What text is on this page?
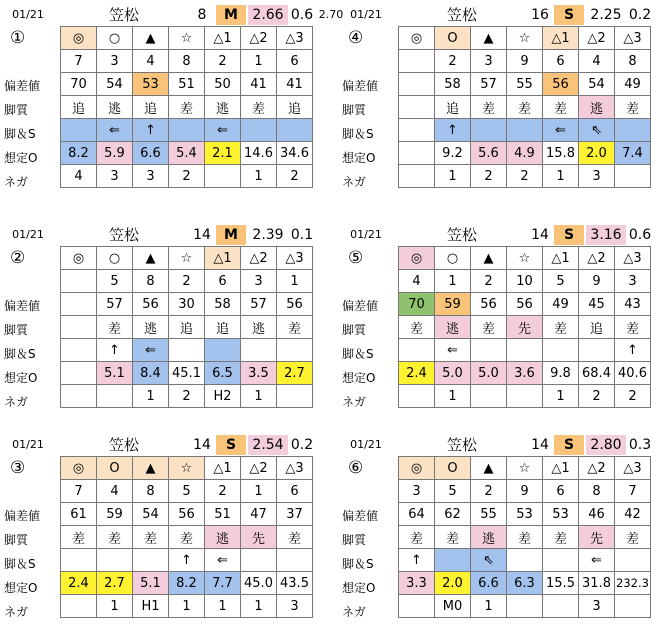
01/21	笠松	8	M	2.66 0.6 2.70
①
偏差値
脚質
脚＆S
想定O
ネガ
◎	○	▲	☆	△1	△2	△3
7	3	4	8	2	1	6
70	54	53	51	50	41	41
追	逃	追	差	逃	差	追
	⇐	↑		⇐		
8.2	5.9	6.6	5.4	2.1	14.6	34.6
4	3	3	2		1	2
01/21	笠松	16	S	2.25 0.2
④
偏差値
脚質
脚＆S
想定O
ネガ
◎	O	▲	☆	△1	△2	△3
	2	3	9	6	4	8
	58	57	55	56	54	49
	追	差	差	差	逃	差
	↑			⇐	⇖	
	9.2	5.6	4.9	15.8	2.0	7.4
	1	2	2	1	3	
01/21	笠松	14 M	2.39 0.1
②
偏差値
脚質
脚＆S
想定O
ネガ
◎	○	▲	☆	△1	△2	△3
	5	8	2	6	3	1
	57	56	30	58	57	56
	差	逃	追	追	逃	差
	↑	⇐				
	5.1	8.4	45.1	6.5	3.5	2.7
		1	2	H2	1	
01/21	笠松	14	S	3.16 0.6
⑤
偏差値
脚質
脚＆S
想定O
ネガ
◎	○	▲	☆	△1	△2	△3
4	1	2	10	5	9	3
70	59	56	56	49	45	43
差	逃	差	先	差	追	差
	⇐					↑
2.4	5.0	5.0	3.6	9.8	68.4	40.6
	1			1	2	2
01/21	笠松	14	S	2.54 0.2
③
偏差値
脚質
脚＆S
想定O
ネガ
◎	O	▲	☆	△1	△2	△3
7	4	8	5	2	1	6
61	59	54	56	51	47	37
差	差	差	差	逃	先	差
			↑	⇐		
2.4	2.7	5.1	8.2	7.7	45.0	43.5
	1	H1	1	1	1	3
01/21	笠松	14	S	2.80 0.3
⑥
偏差値
脚質
脚＆S
想定O
ネガ
◎	O	▲	☆	△1	△2	△3
3	5	2	9	6	8	7
64	62	55	53	53	46	42
差	差	逃	差	差	先	差
↑		⇖			⇐	
3.3	2.0	6.6	6.3	15.5	31.8	232.3
	M0	1			3	
